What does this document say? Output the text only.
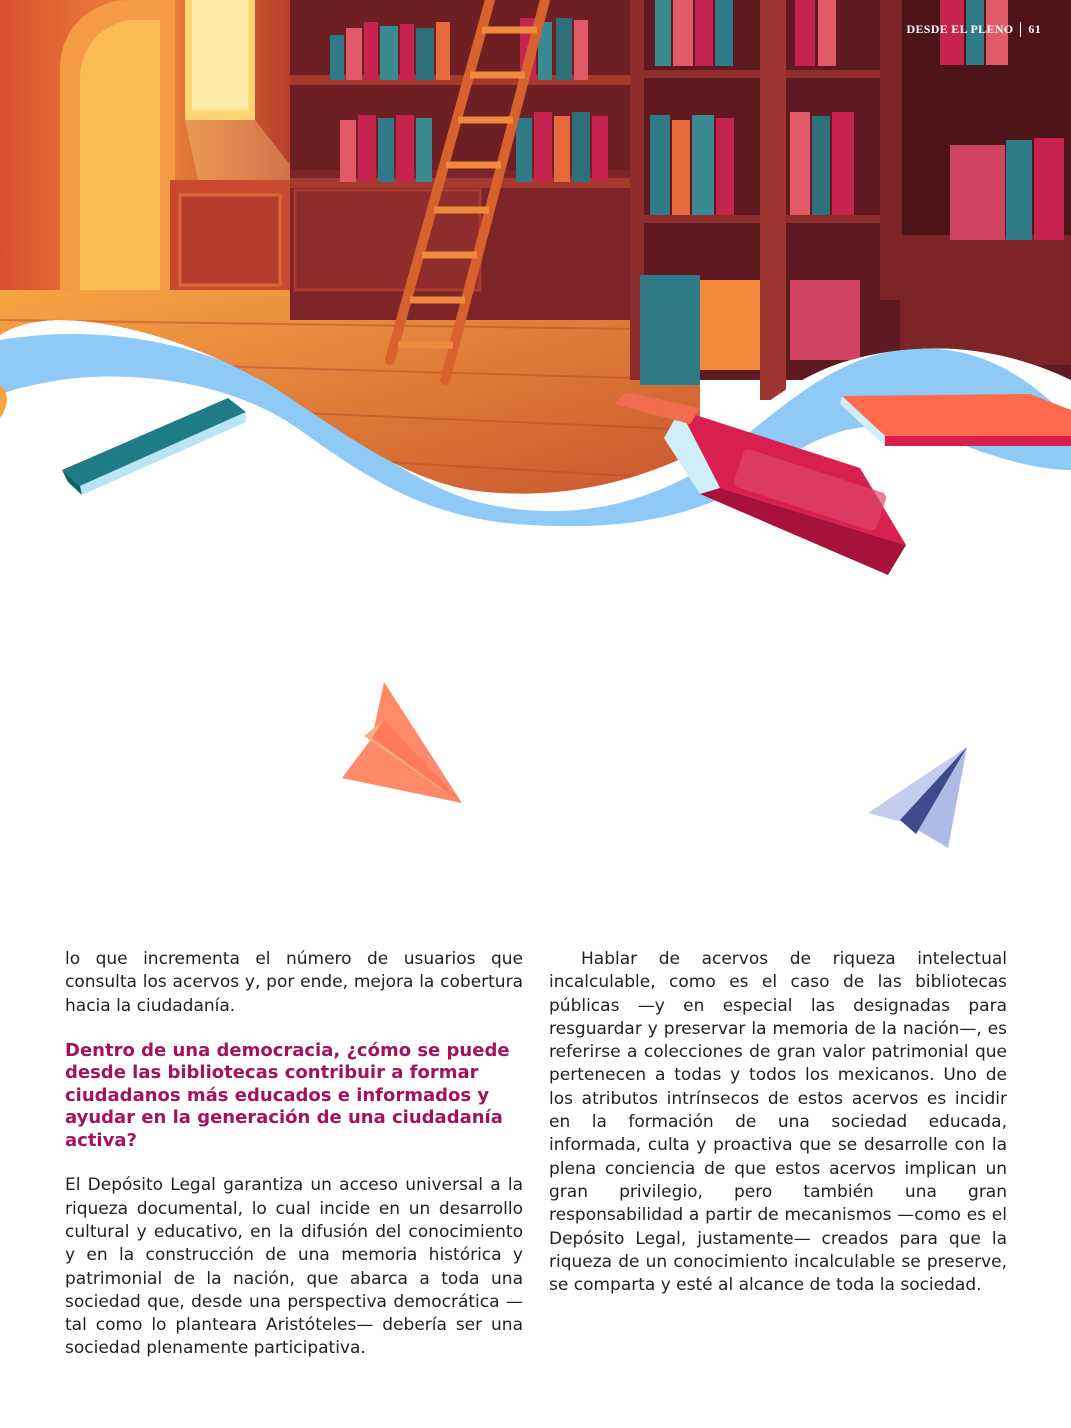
DESDE EL PLENO 61

lo que incrementa el número de usuarios que consulta los acervos y, por ende, mejora la cobertura hacia la ciudadanía.

Dentro de una democracia, ¿cómo se puede desde las bibliotecas contribuir a formar ciudadanos más educados e informados y ayudar en la generación de una ciudadanía activa?

El Depósito Legal garantiza un acceso universal a la riqueza documental, lo cual incide en un desarrollo cultural y educativo, en la difusión del conocimiento y en la construcción de una memoria histórica y patrimonial de la nación, que abarca a toda una sociedad que, desde una perspectiva democrática —tal como lo planteara Aristóteles— debería ser una sociedad plenamente participativa.

Hablar de acervos de riqueza intelectual incalculable, como es el caso de las bibliotecas públicas —y en especial las designadas para resguardar y preservar la memoria de la nación—, es referirse a colecciones de gran valor patrimonial que pertenecen a todas y todos los mexicanos. Uno de los atributos intrínsecos de estos acervos es incidir en la formación de una sociedad educada, informada, culta y proactiva que se desarrolle con la plena conciencia de que estos acervos implican un gran privilegio, pero también una gran responsabilidad a partir de mecanismos —como es el Depósito Legal, justamente— creados para que la riqueza de un conocimiento incalculable se preserve, se comparta y esté al alcance de toda la sociedad.
